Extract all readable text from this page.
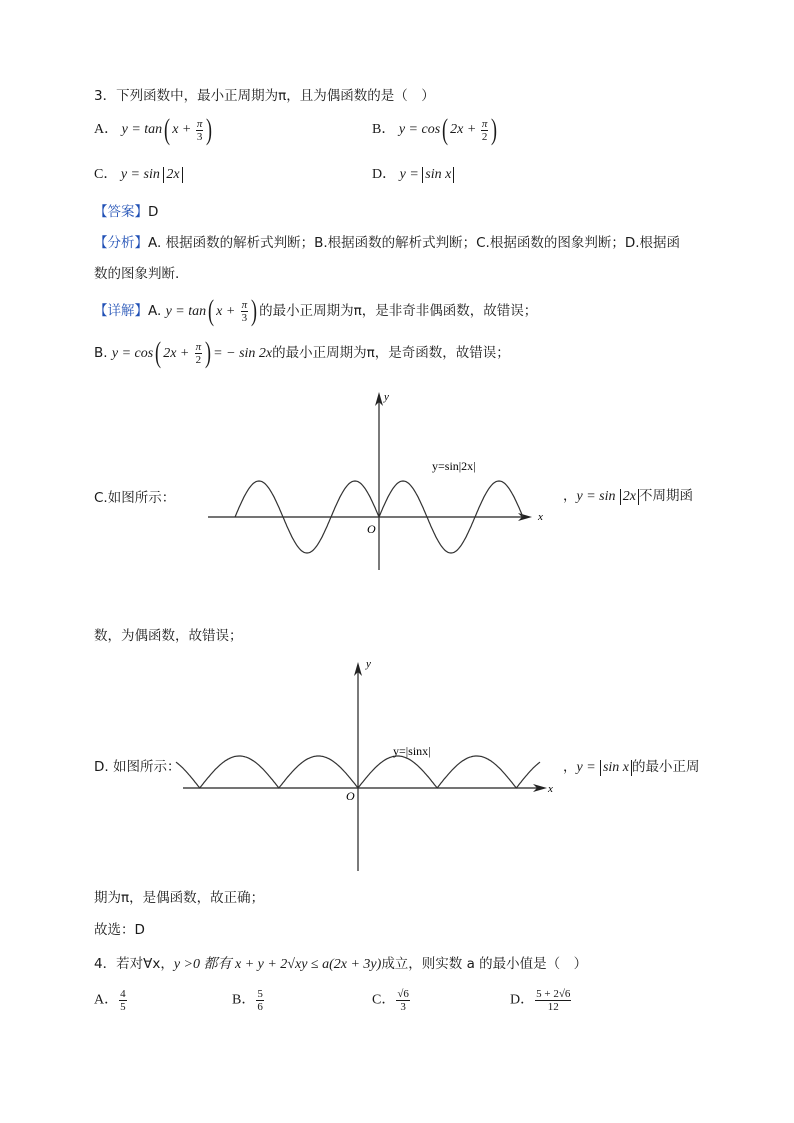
3．下列函数中，最小正周期为π，且为偶函数的是（　）
A． y = tan( $x + \frac{\pi}{3}$ )	B． y = cos( $2x + \frac{\pi}{2}$ )
C． y = sin 2x	D． y = sin x
【答案】D
【分析】A. 根据函数的解析式判断；B.根据函数的解析式判断；C.根据函数的图象判断；D.根据函
数的图象判断.
【详解】A. y = tan( $x + \frac{\pi}{3}$ ) 的最小正周期为π，是非奇非偶函数，故错误；
B. y = cos( $2x + \frac{\pi}{2}$ ) = − sin 2x的最小正周期为π，是奇函数，故错误；
C.如图所示：
y
x
O
y=sin|2x|
，y = sin 2x 不周期函
数，为偶函数，故错误；
D. 如图所示：
y
x
O
y=|sinx|
，y = sin x 的最小正周
期为π，是偶函数，故正确；
故选：D
4．若对∀x，y >0 都有 x + y + 2√xy ≤ a(2x + 3y)成立，则实数 a 的最小值是（　）
A． $\frac{4}{5}$	B． $\frac{5}{6}$	C． $\frac{√6}{3}$	D． $\frac{5 + 2√6}{12}$
